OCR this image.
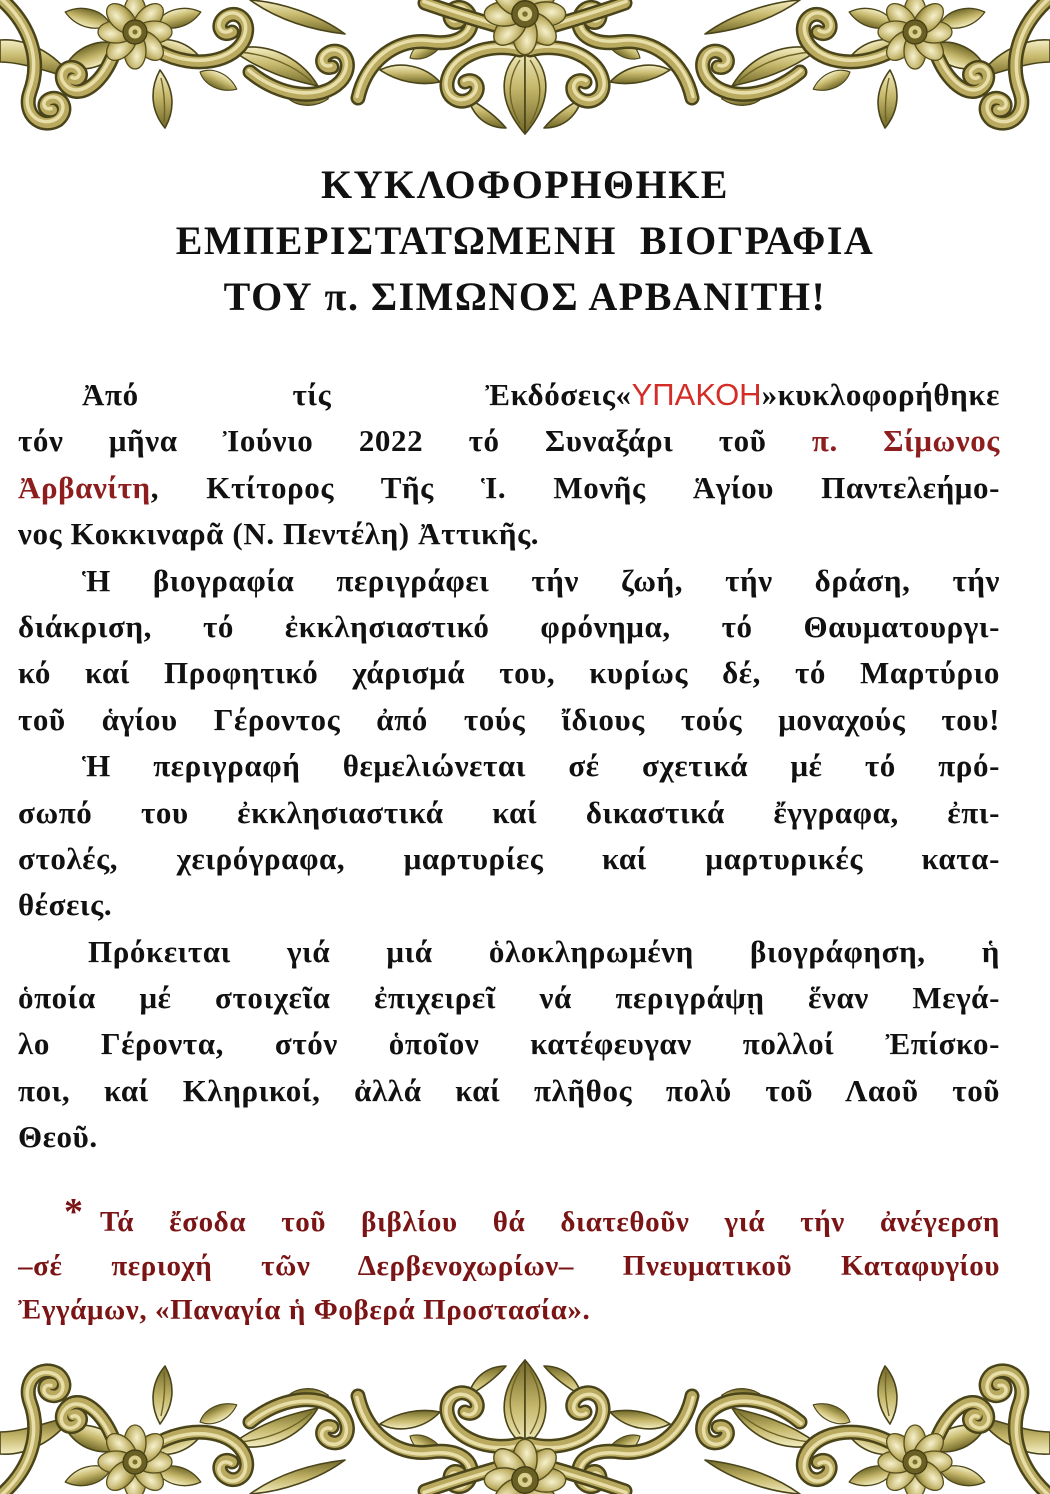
ΚΥΚΛΟΦΟΡΗΘΗΚΕ
ΕΜΠΕΡΙΣΤΑΤΩΜΕΝΗ  ΒΙΟΓΡΑΦΙΑ
ΤΟΥ π. ΣΙΜΩΝΟΣ ΑΡΒΑΝΙΤΗ!
Ἀπό τίς Ἐκδόσεις«ΥΠΑΚΟΗ»κυκλοφορήθηκε
τόν μῆνα Ἰούνιο 2022 τό Συναξάρι τοῦ π. Σίμωνος
Ἀρβανίτη, Κτίτορος Τῆς Ἱ. Μονῆς Ἁγίου Παντελεήμο-
νος Κοκκιναρᾶ (Ν. Πεντέλη) Ἀττικῆς.
Ἡ βιογραφία περιγράφει τήν ζωή, τήν δράση, τήν
διάκριση, τό ἐκκλησιαστικό φρόνημα, τό Θαυματουργι-
κό καί Προφητικό χάρισμά του, κυρίως δέ, τό Μαρτύριο
τοῦ ἁγίου Γέροντος ἀπό τούς ἴδιους τούς μοναχούς του!
Ἡ περιγραφή θεμελιώνεται σέ σχετικά μέ τό πρό-
σωπό του ἐκκλησιαστικά καί δικαστικά ἔγγραφα, ἐπι-
στολές, χειρόγραφα, μαρτυρίες καί μαρτυρικές κατα-
θέσεις.
Πρόκειται γιά μιά ὁλοκληρωμένη βιογράφηση, ἡ
ὁποία μέ στοιχεῖα ἐπιχειρεῖ νά περιγράψῃ ἕναν Μεγά-
λο Γέροντα, στόν ὁποῖον κατέφευγαν πολλοί Ἐπίσκο-
ποι, καί Κληρικοί, ἀλλά καί πλῆθος πολύ τοῦ Λαοῦ τοῦ
Θεοῦ.
* Τά ἔσοδα τοῦ βιβλίου θά διατεθοῦν γιά τήν ἀνέγερση
–σέ περιοχή τῶν Δερβενοχωρίων– Πνευματικοῦ Καταφυγίου
Ἐγγάμων, «Παναγία ἡ Φοβερά Προστασία».
